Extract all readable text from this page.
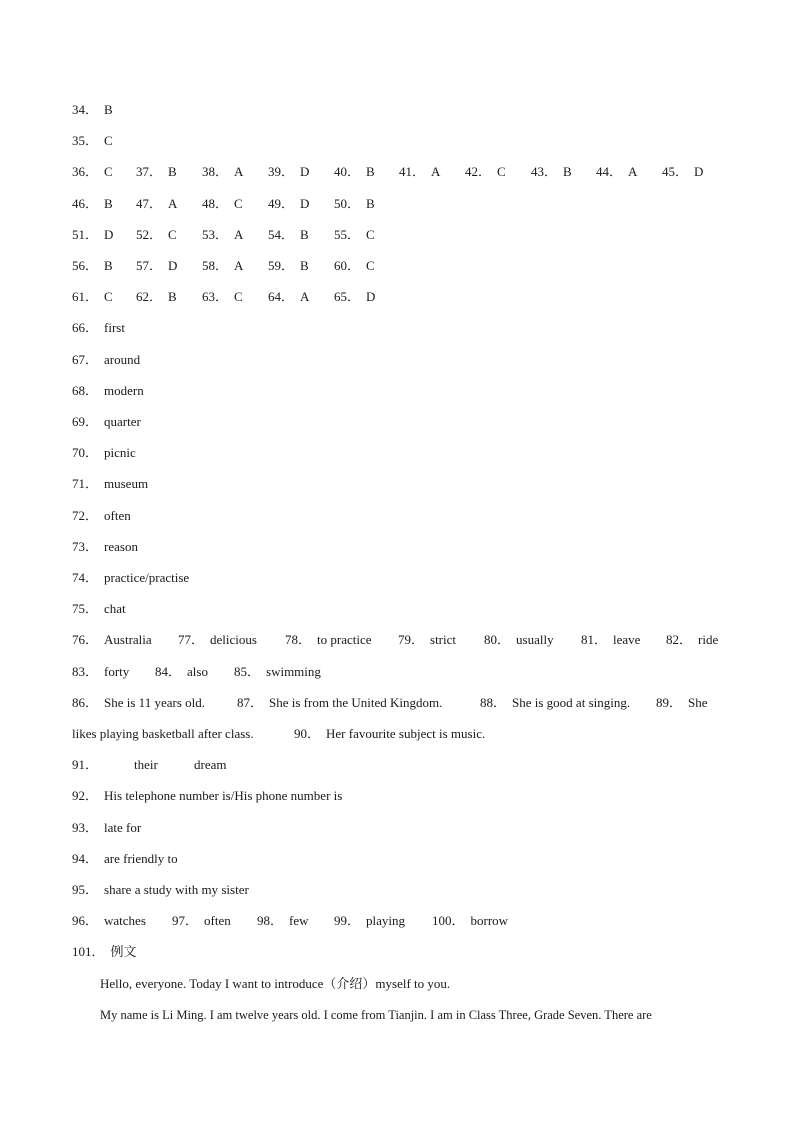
34． B
35． C
36． C 37． B 38． A 39． D 40． B 41． A 42． C 43． B 44． A 45． D
46． B 47． A 48． C 49． D 50． B
51． D 52． C 53． A 54． B 55． C
56． B 57． D 58． A 59． B 60． C
61． C 62． B 63． C 64． A 65． D
66． first
67． around
68． modern
69． quarter
70． picnic
71． museum
72． often
73． reason
74． practice/practise
75． chat
76． Australia 77． delicious 78． to practice 79． strict 80． usually 81． leave 82． ride
83． forty 84． also 85． swimming
86． She is 11 years old. 87． She is from the United Kingdom.	88． She is good at singing. 89． She
likes playing basketball after class.	90． Her favourite subject is music.
91．	their	dream
92． His telephone number is/His phone number is
93． late for
94． are friendly to
95． share a study with my sister
96． watches 97． often 98． few 99． playing 100． borrow
101． 例文
Hello, everyone. Today I want to introduce（介绍）myself to you.
My name is Li Ming. I am twelve years old. I come from Tianjin. I am in Class Three, Grade Seven. There are
